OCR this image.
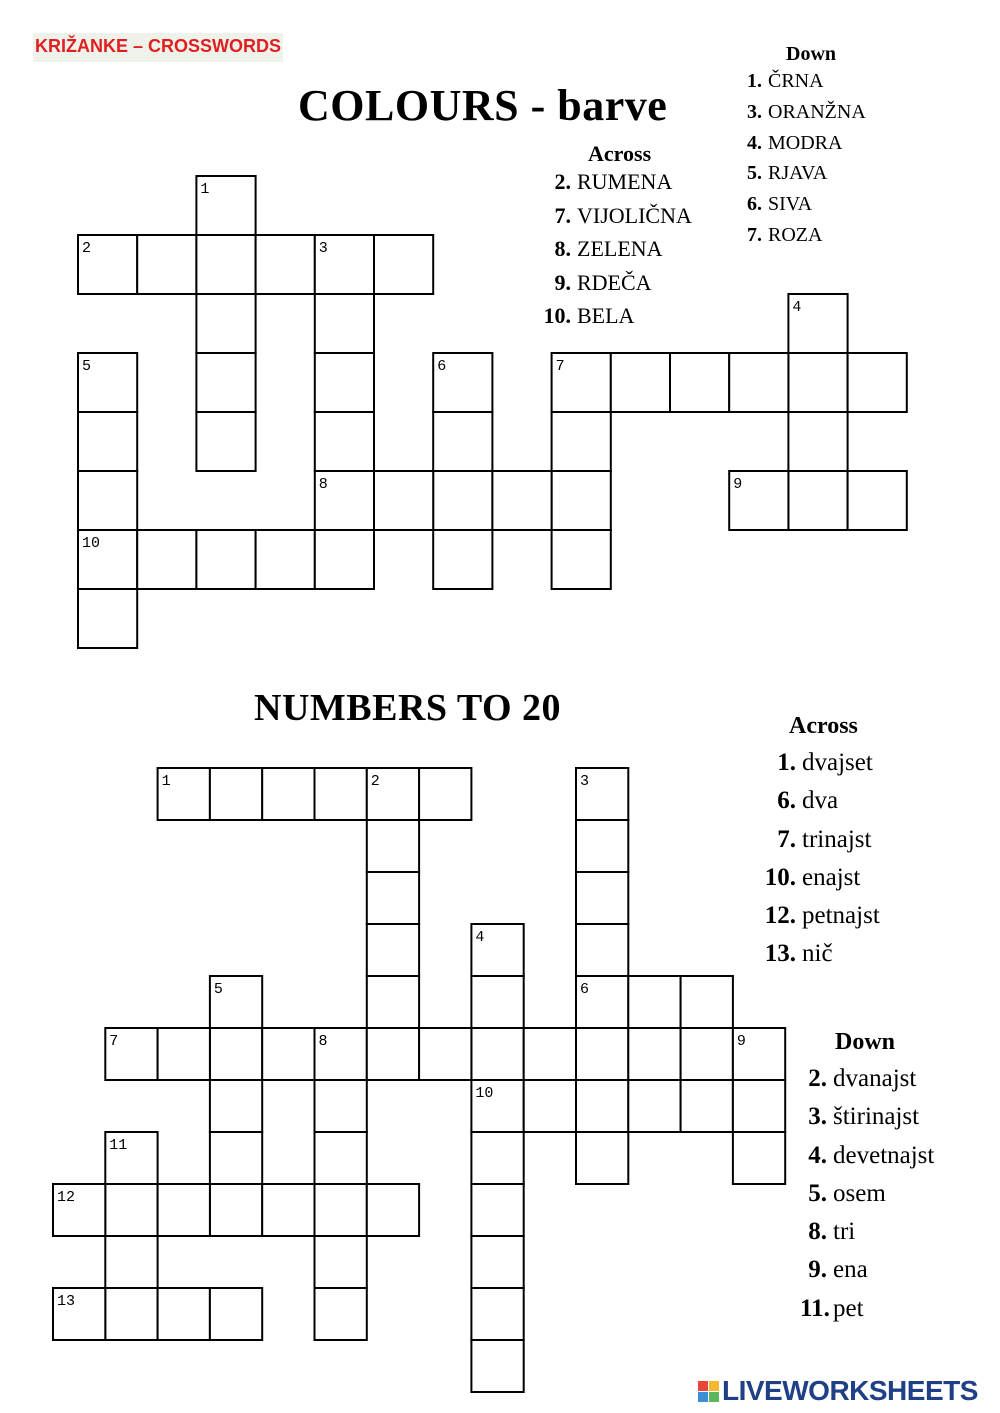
KRIŽANKE – CROSSWORDS
COLOURS - barve
NUMBERS TO 20
Across
2. RUMENA
7. VIJOLIČNA
8. ZELENA
9. RDEČA
10. BELA
Down
1. ČRNA
3. ORANŽNA
4. MODRA
5. RJAVA
6. SIVA
7. ROZA
Across
1. dvajset
6. dva
7. trinajst
10. enajst
12. petnajst
13. nič
Down
2. dvanajst
3. štirinajst
4. devetnajst
5. osem
8. tri
9. ena
11. pet
1
2	3
4
5	6	7
8	9
10
1	2	3
4
5	6
7	8	9
10
11
12
13
LIVEWORKSHEETS
